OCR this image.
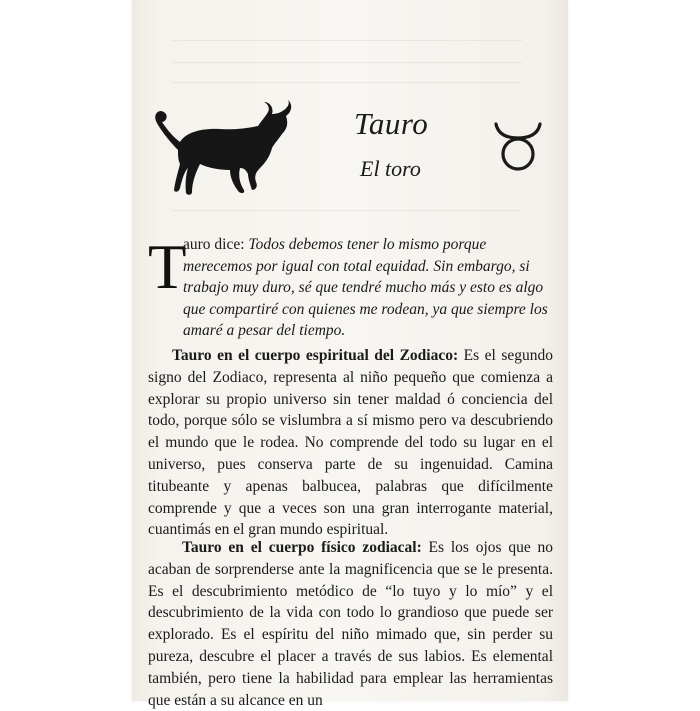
Tauro
El toro
T
auro dice: Todos debemos tener lo mismo porque merecemos por igual con total equidad. Sin embargo, si trabajo muy duro, sé que tendré mucho más y esto es algo que compartiré con quienes me rodean, ya que siempre los amaré a pesar del tiempo.
Tauro en el cuerpo espiritual del Zodiaco: Es el segundo signo del Zodiaco, representa al niño pequeño que comienza a explorar su propio universo sin tener maldad ó conciencia del todo, porque sólo se vislumbra a sí mismo pero va descubriendo el mundo que le rodea. No comprende del todo su lugar en el universo, pues conserva parte de su ingenuidad. Camina titubeante y apenas balbucea, palabras que difícilmente comprende y que a veces son una gran interrogante material, cuantimás en el gran mundo espiritual.
Tauro en el cuerpo físico zodiacal: Es los ojos que no acaban de sorprenderse ante la magnificencia que se le presenta. Es el descubrimiento metódico de “lo tuyo y lo mío” y el descubrimiento de la vida con todo lo grandioso que puede ser explorado. Es el espíritu del niño mimado que, sin perder su pureza, descubre el placer a través de sus labios. Es elemental también, pero tiene la habilidad para emplear las herramientas que están a su alcance en un
